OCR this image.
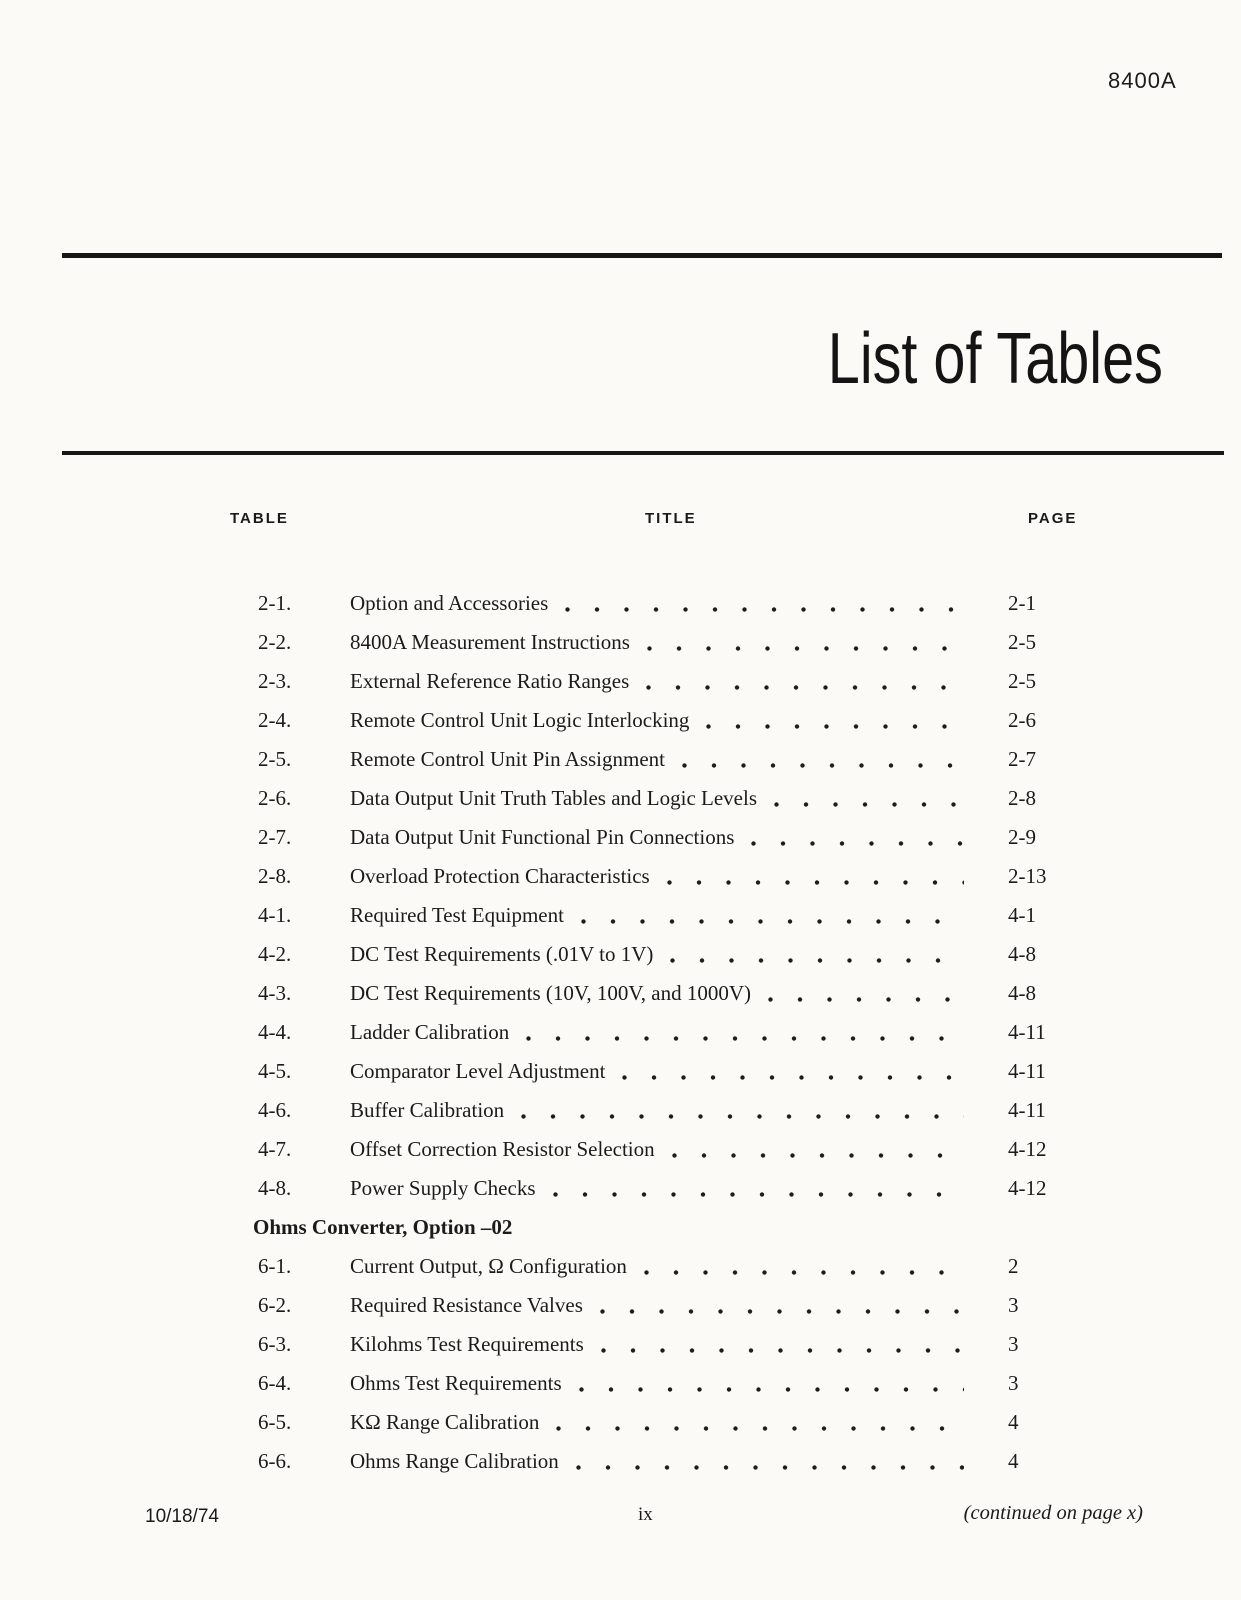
8400A
List of Tables
TABLE	TITLE	PAGE
2-1.	Option and Accessories	2-1
2-2.	8400A Measurement Instructions	2-5
2-3.	External Reference Ratio Ranges	2-5
2-4.	Remote Control Unit Logic Interlocking	2-6
2-5.	Remote Control Unit Pin Assignment	2-7
2-6.	Data Output Unit Truth Tables and Logic Levels	2-8
2-7.	Data Output Unit Functional Pin Connections	2-9
2-8.	Overload Protection Characteristics	2-13
4-1.	Required Test Equipment	4-1
4-2.	DC Test Requirements (.01V to 1V)	4-8
4-3.	DC Test Requirements (10V, 100V, and 1000V)	4-8
4-4.	Ladder Calibration	4-11
4-5.	Comparator Level Adjustment	4-11
4-6.	Buffer Calibration	4-11
4-7.	Offset Correction Resistor Selection	4-12
4-8.	Power Supply Checks	4-12
Ohms Converter, Option –02
6-1.	Current Output, Ω Configuration	2
6-2.	Required Resistance Valves	3
6-3.	Kilohms Test Requirements	3
6-4.	Ohms Test Requirements	3
6-5.	KΩ Range Calibration	4
6-6.	Ohms Range Calibration	4
10/18/74	ix	(continued on page x)
